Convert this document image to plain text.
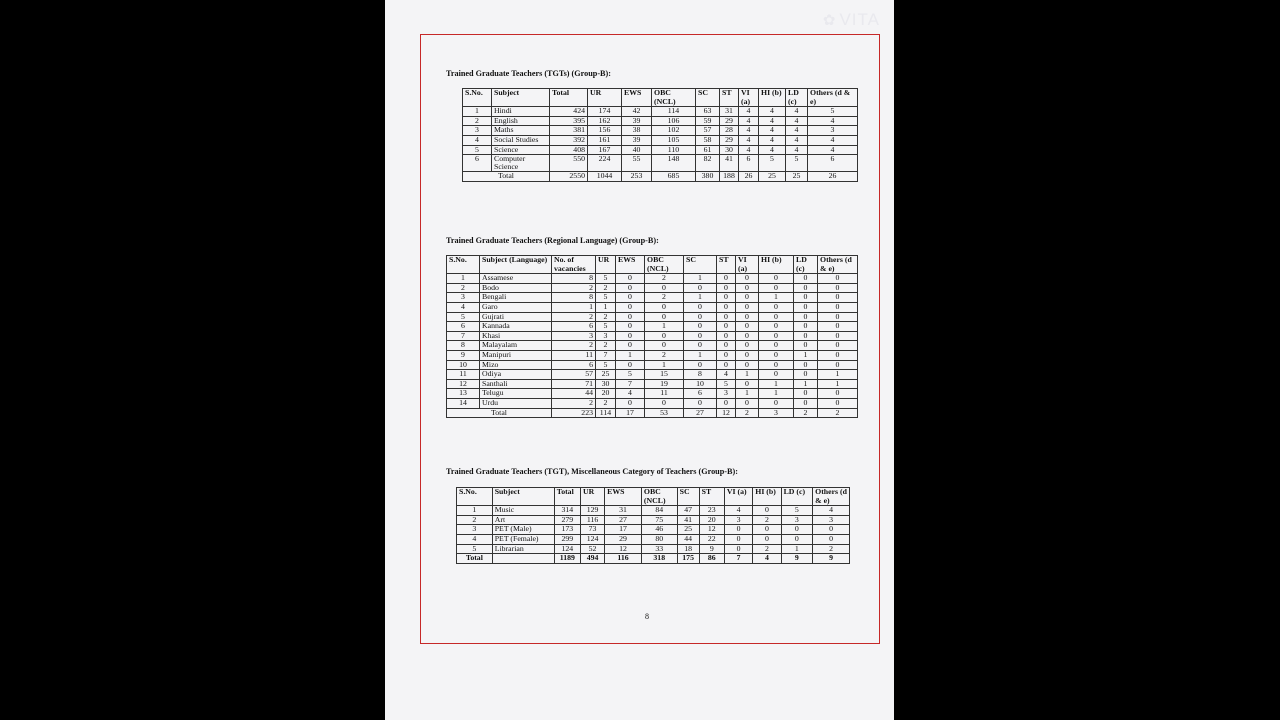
✿ VITA
Trained Graduate Teachers (TGTs) (Group-B):
S.No.	Subject	Total	UR	EWS	OBC (NCL)	SC	ST	VI (a)	HI (b)	LD (c)	Others (d & e)
1	Hindi	424	174	42	114	63	31	4	4	4	5
2	English	395	162	39	106	59	29	4	4	4	4
3	Maths	381	156	38	102	57	28	4	4	4	3
4	Social Studies	392	161	39	105	58	29	4	4	4	4
5	Science	408	167	40	110	61	30	4	4	4	4
6	Computer Science	550	224	55	148	82	41	6	5	5	6
Total		2550	1044	253	685	380	188	26	25	25	26
Trained Graduate Teachers (Regional Language) (Group-B):
S.No.	Subject (Language)	No. of vacancies	UR	EWS	OBC (NCL)	SC	ST	VI (a)	HI (b)	LD (c)	Others (d & e)
1	Assamese	8	5	0	2	1	0	0	0	0	0
2	Bodo	2	2	0	0	0	0	0	0	0	0
3	Bengali	8	5	0	2	1	0	0	1	0	0
4	Garo	1	1	0	0	0	0	0	0	0	0
5	Gujrati	2	2	0	0	0	0	0	0	0	0
6	Kannada	6	5	0	1	0	0	0	0	0	0
7	Khasi	3	3	0	0	0	0	0	0	0	0
8	Malayalam	2	2	0	0	0	0	0	0	0	0
9	Manipuri	11	7	1	2	1	0	0	0	1	0
10	Mizo	6	5	0	1	0	0	0	0	0	0
11	Odiya	57	25	5	15	8	4	1	0	0	1
12	Santhali	71	30	7	19	10	5	0	1	1	1
13	Telugu	44	20	4	11	6	3	1	1	0	0
14	Urdu	2	2	0	0	0	0	0	0	0	0
Total		223	114	17	53	27	12	2	3	2	2
Trained Graduate Teachers (TGT), Miscellaneous Category of Teachers (Group-B):
S.No.	Subject	Total	UR	EWS	OBC (NCL)	SC	ST	VI (a)	HI (b)	LD (c)	Others (d & e)
1	Music	314	129	31	84	47	23	4	0	5	4
2	Art	279	116	27	75	41	20	3	2	3	3
3	PET (Male)	173	73	17	46	25	12	0	0	0	0
4	PET (Female)	299	124	29	80	44	22	0	0	0	0
5	Librarian	124	52	12	33	18	9	0	2	1	2
Total		1189	494	116	318	175	86	7	4	9	9
8
